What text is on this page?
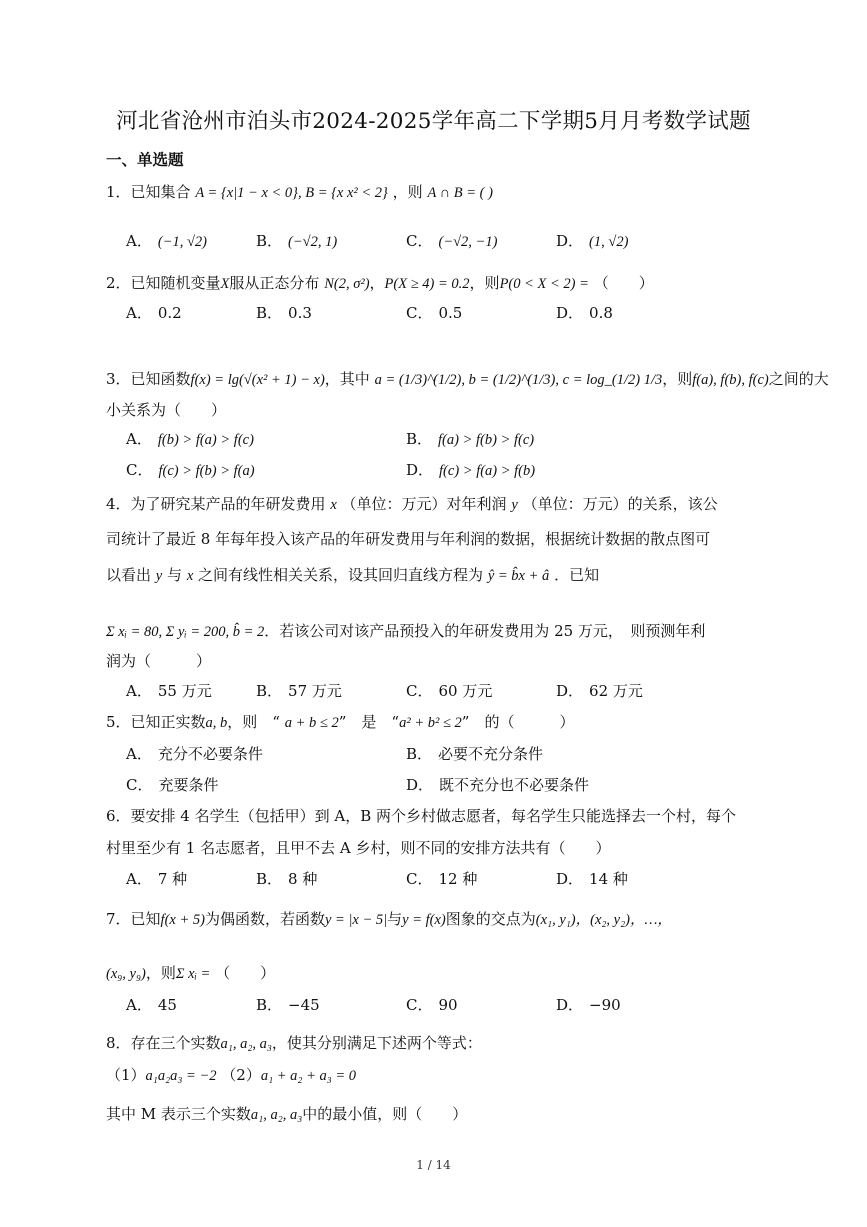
河北省沧州市泊头市2024-2025学年高二下学期5月月考数学试题
一、单选题
1．已知集合 A = {x|1 − x < 0}, B = {x x² < 2} ，则 A ∩ B = ( )
A． (−1, √2)	B． (−√2, 1)	C． (−√2, −1)	D． (1, √2)
2．已知随机变量X服从正态分布 N(2, σ²)，P(X ≥ 4) = 0.2，则P(0 < X < 2) = （　　）
A． 0.2	B． 0.3	C． 0.5	D． 0.8
3．已知函数f(x) = lg(√(x² + 1) − x)，其中 a = (1/3)^(1/2), b = (1/2)^(1/3), c = log_(1/2) 1/3，则f(a), f(b), f(c)之间的大
小关系为（　　）
A． f(b) > f(a) > f(c)	B． f(a) > f(b) > f(c)
C． f(c) > f(b) > f(a)	D． f(c) > f(a) > f(b)
4．为了研究某产品的年研发费用 x （单位：万元）对年利润 y （单位：万元）的关系，该公
司统计了最近 8 年每年投入该产品的年研发费用与年利润的数据，根据统计数据的散点图可
以看出 y 与 x 之间有线性相关关系，设其回归直线方程为 ŷ = b̂x + â ．已知
Σ xᵢ = 80, Σ yᵢ = 200, b̂ = 2．若该公司对该产品预投入的年研发费用为 25 万元，　则预测年利
润为（　　　）
A． 55 万元	B． 57 万元	C． 60 万元	D． 62 万元
5．已知正实数a, b，则　“ a + b ≤ 2”　是　“a² + b² ≤ 2”　的（　　　）
A． 充分不必要条件	B． 必要不充分条件
C． 充要条件	D． 既不充分也不必要条件
6．要安排 4 名学生（包括甲）到 A，B 两个乡村做志愿者，每名学生只能选择去一个村，每个
村里至少有 1 名志愿者，且甲不去 A 乡村，则不同的安排方法共有（　　）
A． 7 种	B． 8 种	C． 12 种	D． 14 种
7．已知f(x + 5)为偶函数，若函数y = |x − 5|与y = f(x)图象的交点为(x₁, y₁)，(x₂, y₂)，…，
(x₉, y₉)，则Σ xᵢ = （　　）
A． 45	B． −45	C． 90	D． −90
8．存在三个实数a₁, a₂, a₃，使其分别满足下述两个等式：
（1）a₁a₂a₃ = −2 （2）a₁ + a₂ + a₃ = 0
其中 M 表示三个实数a₁, a₂, a₃中的最小值，则（　　）
1 / 14
